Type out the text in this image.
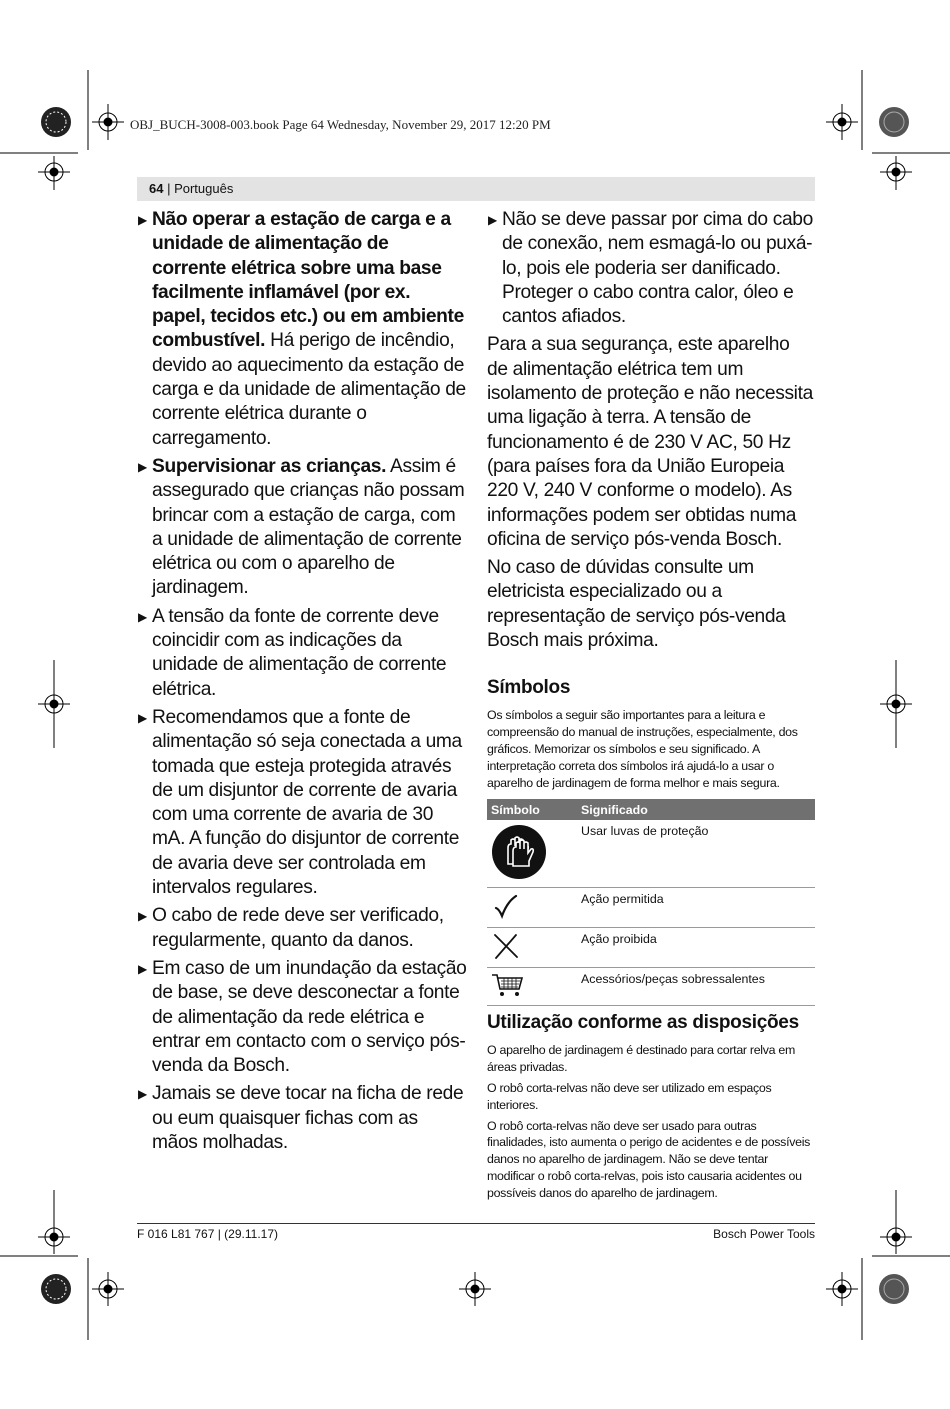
OBJ_BUCH-3008-003.book Page 64 Wednesday, November 29, 2017 12:20 PM
64 | Português
▶ Não operar a estação de carga e a unidade de alimentação de corrente elétrica sobre uma base facilmente inflamável (por ex. papel, tecidos etc.) ou em ambiente combustível. Há perigo de incêndio, devido ao aquecimento da estação de carga e da unidade de alimentação de corrente elétrica durante o carregamento.
▶ Supervisionar as crianças. Assim é assegurado que crianças não possam brincar com a estação de carga, com a unidade de alimentação de corrente elétrica ou com o aparelho de jardinagem.
▶ A tensão da fonte de corrente deve coincidir com as indicações da unidade de alimentação de corrente elétrica.
▶ Recomendamos que a fonte de alimentação só seja conectada a uma tomada que esteja protegida através de um disjuntor de corrente de avaria com uma corrente de avaria de 30 mA. A função do disjuntor de corrente de avaria deve ser controlada em intervalos regulares.
▶ O cabo de rede deve ser verificado, regularmente, quanto da danos.
▶ Em caso de um inundação da estação de base, se deve desconectar a fonte de alimentação da rede elétrica e entrar em contacto com o serviço pós-venda da Bosch.
▶ Jamais se deve tocar na ficha de rede ou eum quaisquer fichas com as mãos molhadas.
▶ Não se deve passar por cima do cabo de conexão, nem esmagá-lo ou puxá-lo, pois ele poderia ser danificado. Proteger o cabo contra calor, óleo e cantos afiados.
Para a sua segurança, este aparelho de alimentação elétrica tem um isolamento de proteção e não necessita uma ligação à terra. A tensão de funcionamento é de 230 V AC, 50 Hz (para países fora da União Europeia 220 V, 240 V conforme o modelo). As informações podem ser obtidas numa oficina de serviço pós-venda Bosch.
No caso de dúvidas consulte um eletricista especializado ou a representação de serviço pós-venda Bosch mais próxima.
Símbolos
Os símbolos a seguir são importantes para a leitura e compreensão do manual de instruções, especialmente, dos gráficos. Memorizar os símbolos e seu significado. A interpretação correta dos símbolos irá ajudá-lo a usar o aparelho de jardinagem de forma melhor e mais segura.
Símbolo	Significado
	Usar luvas de proteção
	Ação permitida
	Ação proibida
	Acessórios/peças sobressalentes
Utilização conforme as disposições
O aparelho de jardinagem é destinado para cortar relva em áreas privadas.
O robô corta-relvas não deve ser utilizado em espaços interiores.
O robô corta-relvas não deve ser usado para outras finalidades, isto aumenta o perigo de acidentes e de possíveis danos no aparelho de jardinagem. Não se deve tentar modificar o robô corta-relvas, pois isto causaria acidentes ou possíveis danos do aparelho de jardinagem.
F 016 L81 767 | (29.11.17)	Bosch Power Tools
